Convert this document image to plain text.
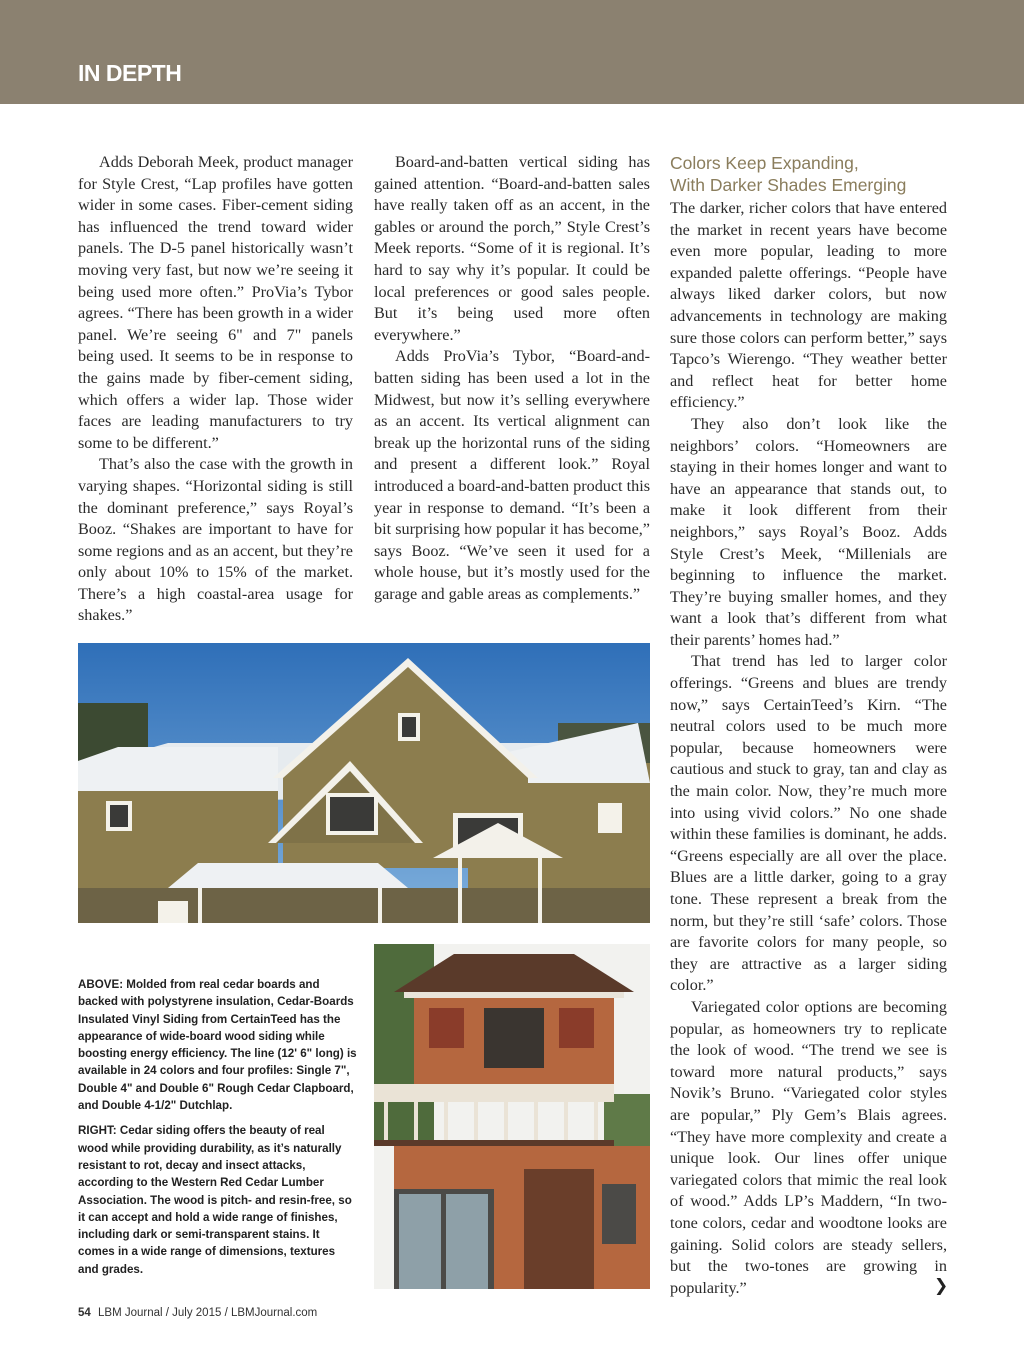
IN DEPTH

Adds Deborah Meek, product manager for Style Crest, “Lap profiles have gotten wider in some cases. Fiber-cement siding has influenced the trend toward wider panels. The D-5 panel historically wasn’t moving very fast, but now we’re seeing it being used more often.” ProVia’s Tybor agrees. “There has been growth in a wider panel. We’re seeing 6" and 7" panels being used. It seems to be in response to the gains made by fiber-cement siding, which offers a wider lap. Those wider faces are leading manufacturers to try some to be different.”

That’s also the case with the growth in varying shapes. “Horizontal siding is still the dominant preference,” says Royal’s Booz. “Shakes are important to have for some regions and as an accent, but they’re only about 10% to 15% of the market. There’s a high coastal-area usage for shakes.”

Board-and-batten vertical siding has gained attention. “Board-and-batten sales have really taken off as an accent, in the gables or around the porch,” Style Crest’s Meek reports. “Some of it is regional. It’s hard to say why it’s popular. It could be local preferences or good sales people. But it’s being used more often everywhere.”

Adds ProVia’s Tybor, “Board-and-batten siding has been used a lot in the Midwest, but now it’s selling everywhere as an accent. Its vertical alignment can break up the horizontal runs of the siding and present a different look.” Royal introduced a board-and-batten product this year in response to demand. “It’s been a bit surprising how popular it has become,” says Booz. “We’ve seen it used for a whole house, but it’s mostly used for the garage and gable areas as complements.”

Colors Keep Expanding,
With Darker Shades Emerging

The darker, richer colors that have entered the market in recent years have become even more popular, leading to more expanded palette offerings. “People have always liked darker colors, but now advancements in technology are making sure those colors can perform better,” says Tapco’s Wierengo. “They weather better and reflect heat for better home efficiency.”

They also don’t look like the neighbors’ colors. “Homeowners are staying in their homes longer and want to have an appearance that stands out, to make it look different from their neighbors,” says Royal’s Booz. Adds Style Crest’s Meek, “Millenials are beginning to influence the market. They’re buying smaller homes, and they want a look that’s different from what their parents’ homes had.”

That trend has led to larger color offerings. “Greens and blues are trendy now,” says CertainTeed’s Kirn. “The neutral colors used to be much more popular, because homeowners were cautious and stuck to gray, tan and clay as the main color. Now, they’re much more into using vivid colors.” No one shade within these families is dominant, he adds. “Greens especially are all over the place. Blues are a little darker, going to a gray tone. These represent a break from the norm, but they’re still ‘safe’ colors. Those are favorite colors for many people, so they are attractive as a larger siding color.”

Variegated color options are becoming popular, as homeowners try to replicate the look of wood. “The trend we see is toward more natural products,” says Novik’s Bruno. “Variegated color styles are popular,” Ply Gem’s Blais agrees. “They have more complexity and create a unique look. Our lines offer unique variegated colors that mimic the real look of wood.” Adds LP’s Maddern, “In two-tone colors, cedar and woodtone looks are gaining. Solid colors are steady sellers, but the two-tones are growing in popularity.”	❯

ABOVE: Molded from real cedar boards and backed with polystyrene insulation, Cedar-Boards Insulated Vinyl Siding from CertainTeed has the appearance of wide-board wood siding while boosting energy efficiency. The line (12' 6" long) is available in 24 colors and four profiles: Single 7", Double 4" and Double 6" Rough Cedar Clapboard, and Double 4-1/2" Dutchlap.

RIGHT: Cedar siding offers the beauty of real wood while providing durability, as it’s naturally resistant to rot, decay and insect attacks, according to the Western Red Cedar Lumber Association. The wood is pitch- and resin-free, so it can accept and hold a wide range of finishes, including dark or semi-transparent stains. It comes in a wide range of dimensions, textures and grades.

54 LBM Journal / July 2015 / LBMJournal.com
